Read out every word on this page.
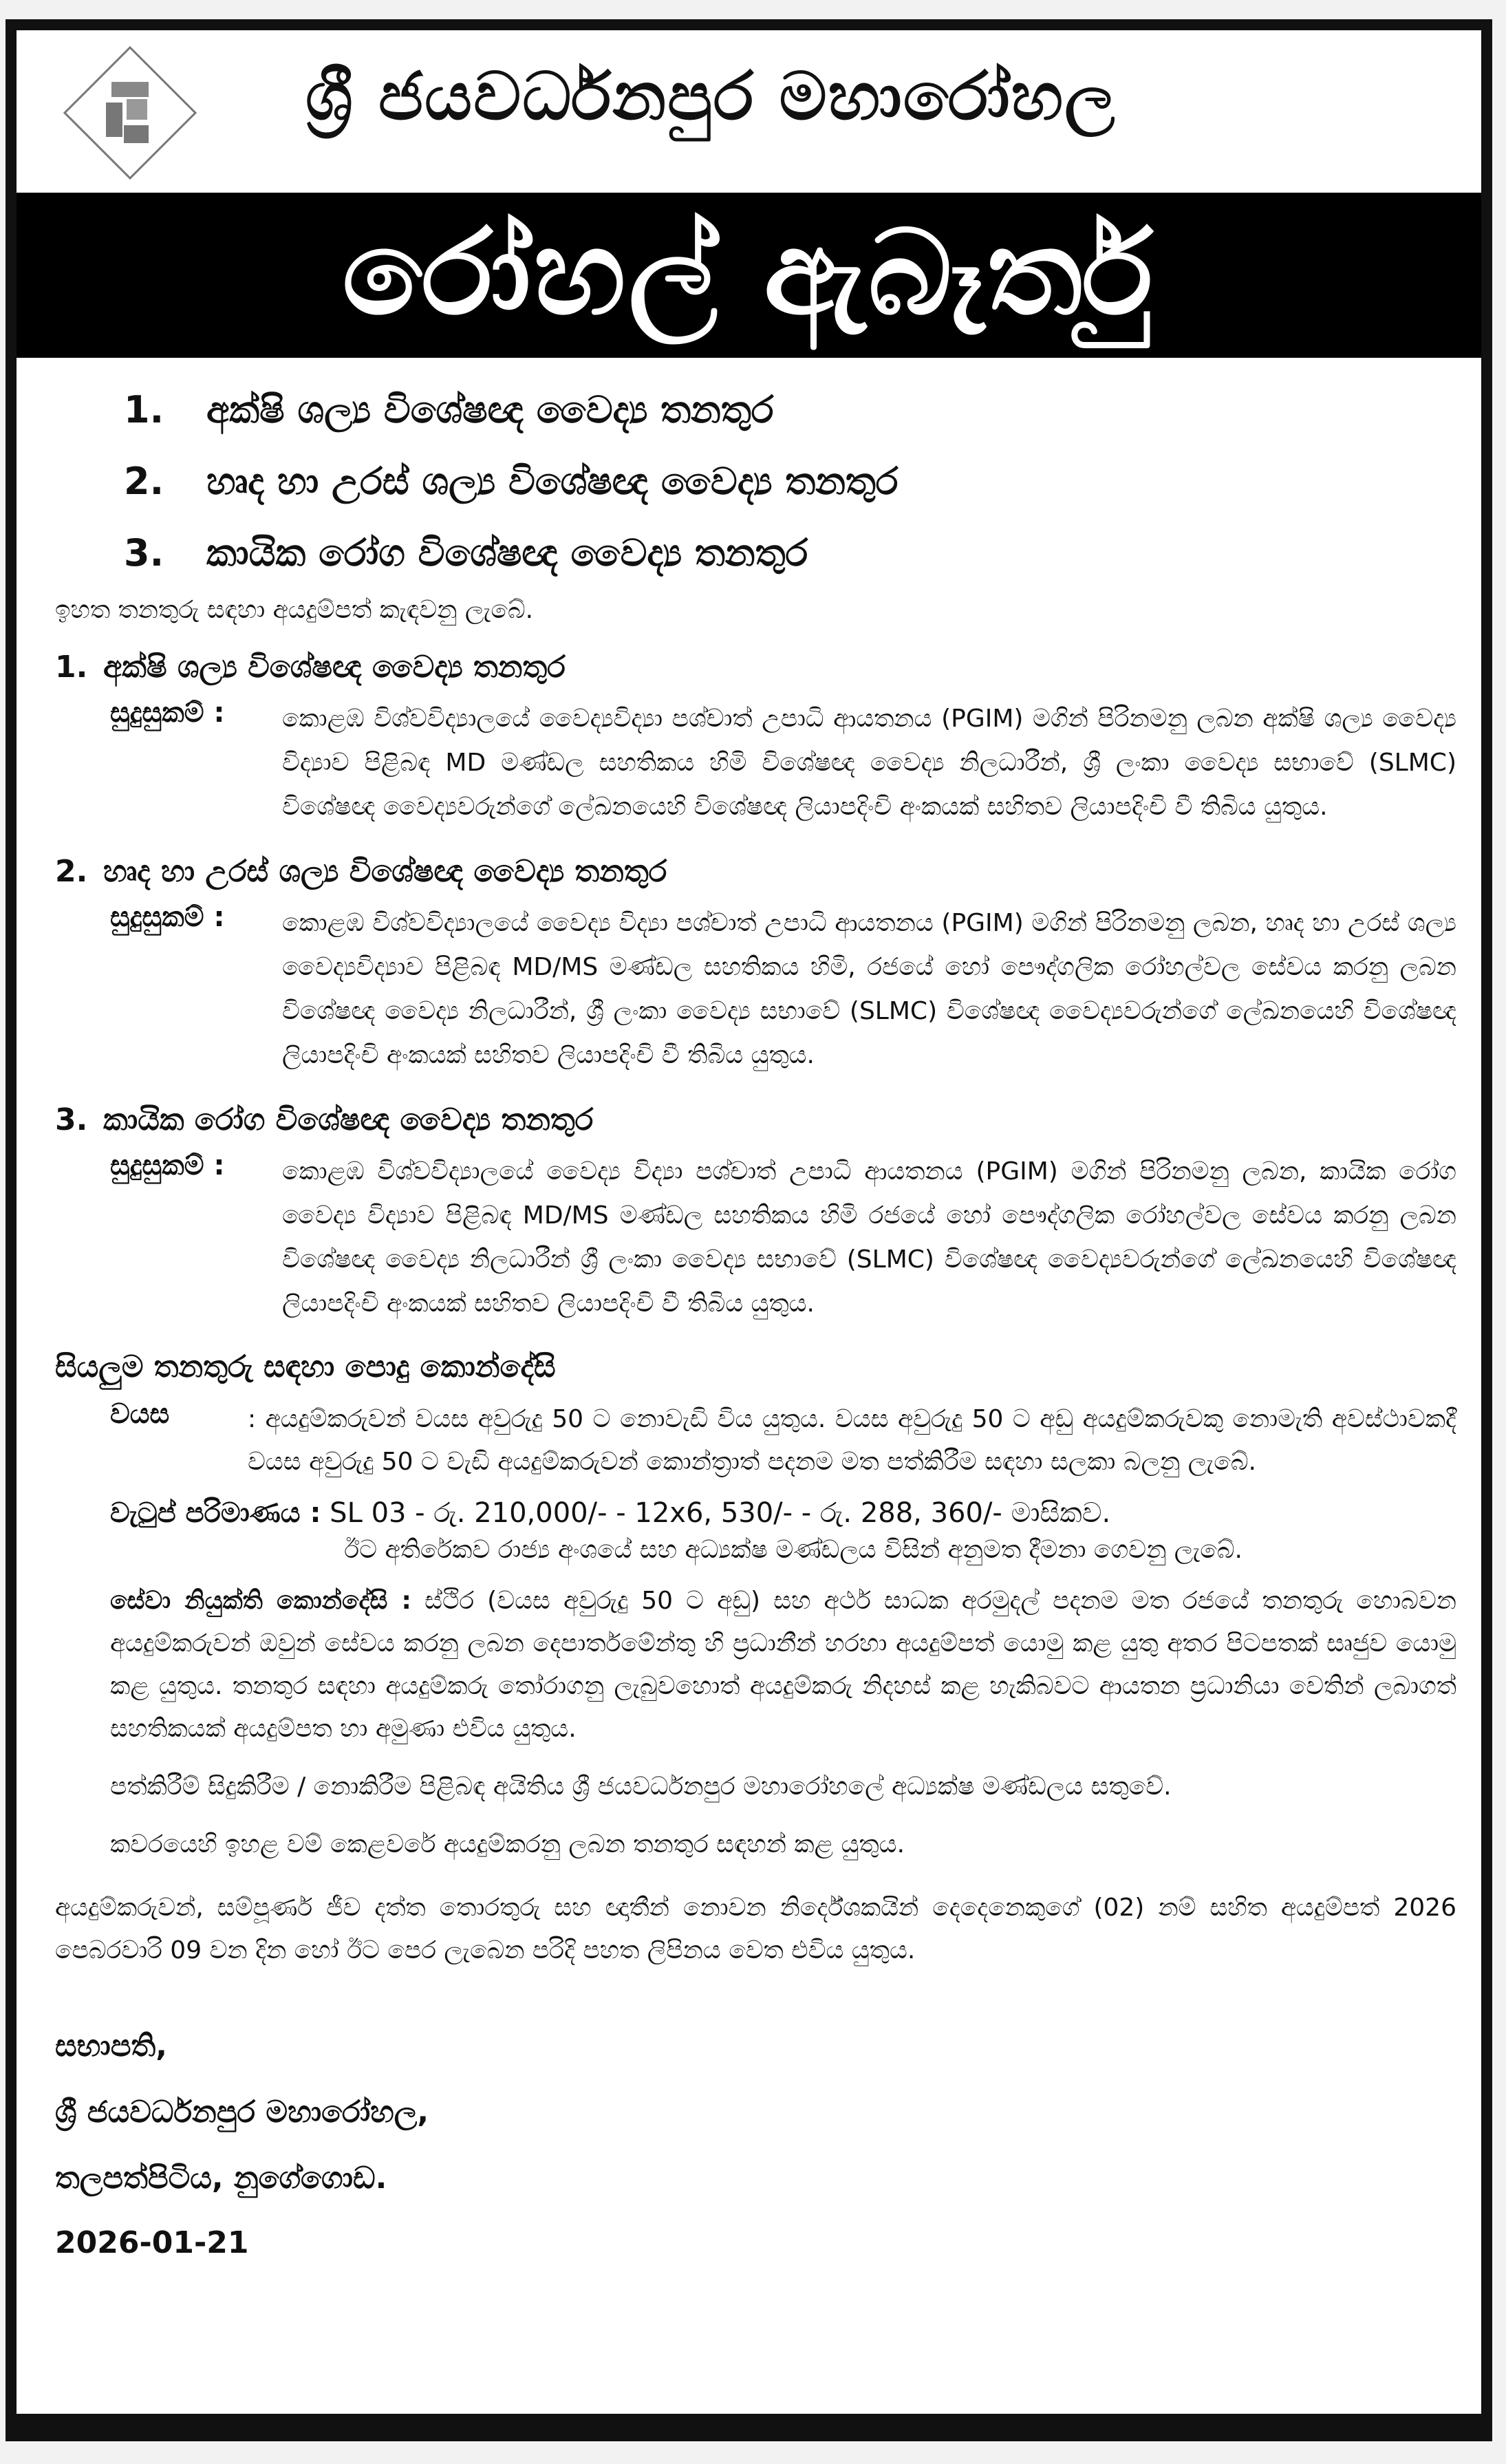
ශ්‍රී ජයවර්ධනපුර මහාරෝහල
රෝහල් ඇබෑර්තු
1. අක්ෂි ශල්‍ය විශේෂඥ වෛද්‍ය තනතුර
2. හෘද හා උරස් ශල්‍ය විශේෂඥ වෛද්‍ය තනතුර
3. කායික රෝග විශේෂඥ වෛද්‍ය තනතුර
ඉහත තනතුරු සඳහා අයදුම්පත් කැඳවනු ලැබේ.
1. අක්ෂි ශල්‍ය විශේෂඥ වෛද්‍ය තනතුර
සුදුසුකම් :	කොළඹ විශ්වවිද්‍යාලයේ වෛද්‍යවිද්‍යා පශ්චාත් උපාධි ආයතනය (PGIM) මගින් පිරිනමනු ලබන අක්ෂි ශල්‍ය වෛද්‍ය විද්‍යාව පිළිබඳ MD මණ්ඩල සහතිකය හිමි විශේෂඥ වෛද්‍ය නිලධාරීන්, ශ්‍රී ලංකා වෛද්‍ය සභාවේ (SLMC) විශේෂඥ වෛද්‍යවරුන්ගේ ලේඛනයෙහි විශේෂඥ ලියාපදිංචි අංකයක් සහිතව ලියාපදිංචි වී තිබිය යුතුය.
2. හෘද හා උරස් ශල්‍ය විශේෂඥ වෛද්‍ය තනතුර
සුදුසුකම් :	කොළඹ විශ්වවිද්‍යාලයේ වෛද්‍ය විද්‍යා පශ්චාත් උපාධි ආයතනය (PGIM) මගින් පිරිනමනු ලබන, හෘද හා උරස් ශල්‍ය වෛද්‍යවිද්‍යාව පිළිබඳ MD/MS මණ්ඩල සහතිකය හිමි, රජයේ හෝ පෞද්ගලික රෝහල්වල සේවය කරනු ලබන විශේෂඥ වෛද්‍ය නිලධාරීන්, ශ්‍රී ලංකා වෛද්‍ය සභාවේ (SLMC) විශේෂඥ වෛද්‍යවරුන්ගේ ලේඛනයෙහි විශේෂඥ ලියාපදිංචි අංකයක් සහිතව ලියාපදිංචි වී තිබිය යුතුය.
3. කායික රෝග විශේෂඥ වෛද්‍ය තනතුර
සුදුසුකම් :	කොළඹ විශ්වවිද්‍යාලයේ වෛද්‍ය විද්‍යා පශ්චාත් උපාධි ආයතනය (PGIM) මගින් පිරිනමනු ලබන, කායික රෝග වෛද්‍ය විද්‍යාව පිළිබඳ MD/MS මණ්ඩල සහතිකය හිමි රජයේ හෝ පෞද්ගලික රෝහල්වල සේවය කරනු ලබන විශේෂඥ වෛද්‍ය නිලධාරීන් ශ්‍රී ලංකා වෛද්‍ය සභාවේ (SLMC) විශේෂඥ වෛද්‍යවරුන්ගේ ලේඛනයෙහි විශේෂඥ ලියාපදිංචි අංකයක් සහිතව ලියාපදිංචි වී තිබිය යුතුය.
සියලුම තනතුරු සඳහා පොදු කොන්දේසි
වයස	: අයදුම්කරුවන් වයස අවුරුදු 50 ට නොවැඩි විය යුතුය. වයස අවුරුදු 50 ට අඩු අයදුම්කරුවකු නොමැති අවස්ථාවකදී වයස අවුරුදු 50 ට වැඩි අයදුම්කරුවන් කොන්ත්‍රාත් පදනම මත පත්කිරීම සඳහා සලකා බලනු ලැබේ.
වැටුප් පරිමාණය : SL 03 - රු. 210,000/- - 12x6, 530/- - රු. 288, 360/- මාසිකව.
ඊට අතිරේකව රාජ්‍ය අංශයේ සහ අධ්‍යක්ෂ මණ්ඩලය විසින් අනුමත දීමනා ගෙවනු ලැබේ.
සේවා නියුක්ති කොන්දේසි : ස්ථිර (වයස අවුරුදු 50 ට අඩු) සහ අර්ථ සාධක අරමුදල් පදනම මත රජයේ තනතුරු හොබවන අයදුම්කරුවන් ඔවුන් සේවය කරනු ලබන දෙපාර්තමේන්තු හි ප්‍රධානීන් හරහා අයදුම්පත් යොමු කළ යුතු අතර පිටපතක් සෘජුව යොමු කළ යුතුය. තනතුර සඳහා අයදුම්කරු තෝරාගනු ලැබුවහොත් අයදුම්කරු නිදහස් කළ හැකිබවට ආයතන ප්‍රධානියා වෙතින් ලබාගත් සහතිකයක් අයදුම්පත හා අමුණා එවිය යුතුය.
පත්කිරීම් සිදුකිරීම / නොකිරීම පිළිබඳ අයිතිය ශ්‍රී ජයවර්ධනපුර මහාරෝහලේ අධ්‍යක්ෂ මණ්ඩලය සතුවේ.
කවරයෙහි ඉහළ වම් කෙළවරේ අයදුම්කරනු ලබන තනතුර සඳහන් කළ යුතුය.
අයදුම්කරුවන්, සම්පූර්ණ ජීව දත්ත තොරතුරු සහ ඥාතීන් නොවන නිර්දේශකයින් දෙදෙනෙකුගේ (02) නම් සහිත අයදුම්පත් 2026 පෙබරවාරි 09 වන දින හෝ ඊට පෙර ලැබෙන පරිදි පහත ලිපිනය වෙත එවිය යුතුය.
සභාපති,
ශ්‍රී ජයවර්ධනපුර මහාරෝහල,
තලපත්පිටිය, නුගේගොඩ.
2026-01-21
